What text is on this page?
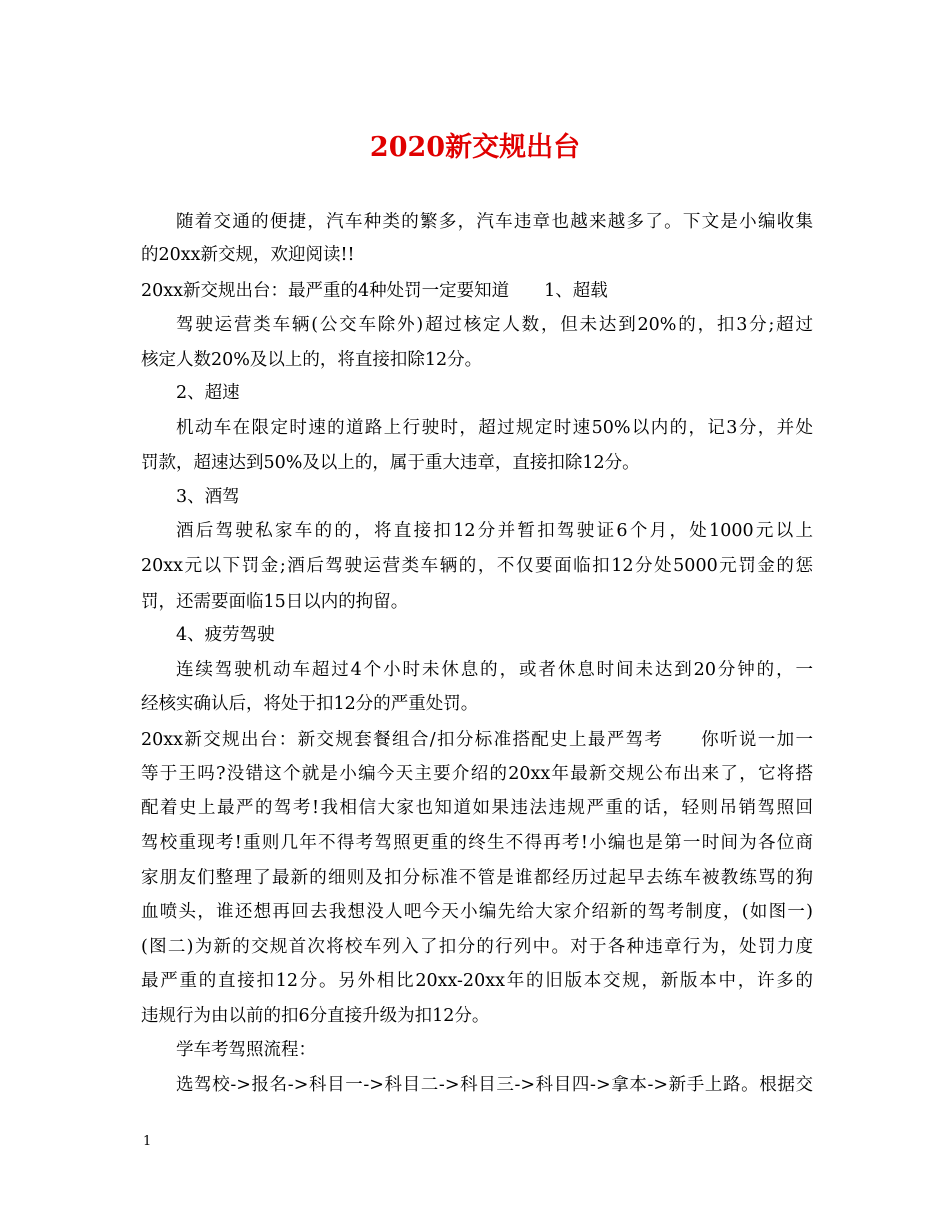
2020新交规出台
随着交通的便捷，汽车种类的繁多，汽车违章也越来越多了。下文是小编收集
的20xx新交规，欢迎阅读!!
20xx新交规出台：最严重的4种处罚一定要知道　　1、超载
驾驶运营类车辆(公交车除外)超过核定人数，但未达到20%的，扣3分;超过
核定人数20%及以上的，将直接扣除12分。
2、超速
机动车在限定时速的道路上行驶时，超过规定时速50%以内的，记3分，并处
罚款，超速达到50%及以上的，属于重大违章，直接扣除12分。
3、酒驾
酒后驾驶私家车的的，将直接扣12分并暂扣驾驶证6个月，处1000元以上
20xx元以下罚金;酒后驾驶运营类车辆的，不仅要面临扣12分处5000元罚金的惩
罚，还需要面临15日以内的拘留。
4、疲劳驾驶
连续驾驶机动车超过4个小时未休息的，或者休息时间未达到20分钟的，一
经核实确认后，将处于扣12分的严重处罚。
20xx新交规出台：新交规套餐组合/扣分标准搭配史上最严驾考　　你听说一加一
等于王吗?没错这个就是小编今天主要介绍的20xx年最新交规公布出来了，它将搭
配着史上最严的驾考!我相信大家也知道如果违法违规严重的话，轻则吊销驾照回
驾校重现考!重则几年不得考驾照更重的终生不得再考!小编也是第一时间为各位商
家朋友们整理了最新的细则及扣分标准不管是谁都经历过起早去练车被教练骂的狗
血喷头，谁还想再回去我想没人吧今天小编先给大家介绍新的驾考制度，(如图一)
(图二)为新的交规首次将校车列入了扣分的行列中。对于各种违章行为，处罚力度
最严重的直接扣12分。另外相比20xx-20xx年的旧版本交规，新版本中，许多的
违规行为由以前的扣6分直接升级为扣12分。
学车考驾照流程：
选驾校->报名->科目一->科目二->科目三->科目四->拿本->新手上路。根据交
1
